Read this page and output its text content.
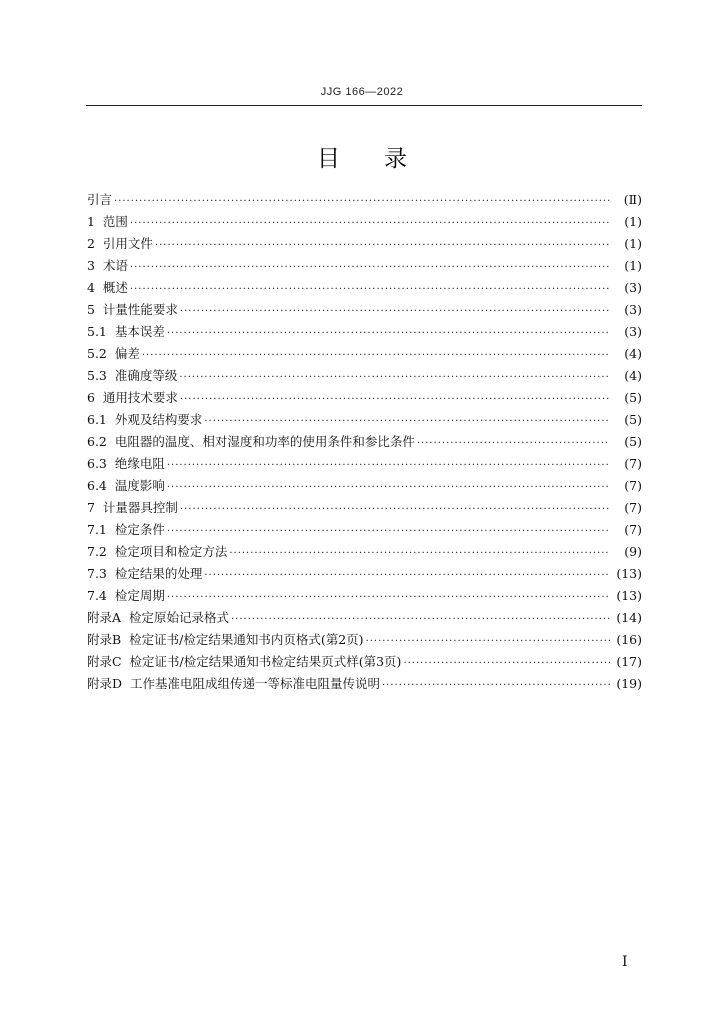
JJG 166—2022
目录
引言 ·····	(Ⅱ)
1 范围 ·····	(1)
2 引用文件 ·····	(1)
3 术语 ·····	(1)
4 概述 ·····	(3)
5 计量性能要求 ·····	(3)
5.1 基本误差 ·····	(3)
5.2 偏差 ·····	(4)
5.3 准确度等级 ·····	(4)
6 通用技术要求 ·····	(5)
6.1 外观及结构要求 ·····	(5)
6.2 电阻器的温度、相对湿度和功率的使用条件和参比条件 ·····	(5)
6.3 绝缘电阻 ·····	(7)
6.4 温度影响 ·····	(7)
7 计量器具控制 ·····	(7)
7.1 检定条件 ·····	(7)
7.2 检定项目和检定方法 ·····	(9)
7.3 检定结果的处理 ·····	(13)
7.4 检定周期 ·····	(13)
附录A 检定原始记录格式 ·····	(14)
附录B 检定证书/检定结果通知书内页格式(第2页) ·····	(16)
附录C 检定证书/检定结果通知书检定结果页式样(第3页) ·····	(17)
附录D 工作基准电阻成组传递一等标准电阻量传说明 ·····	(19)
I
